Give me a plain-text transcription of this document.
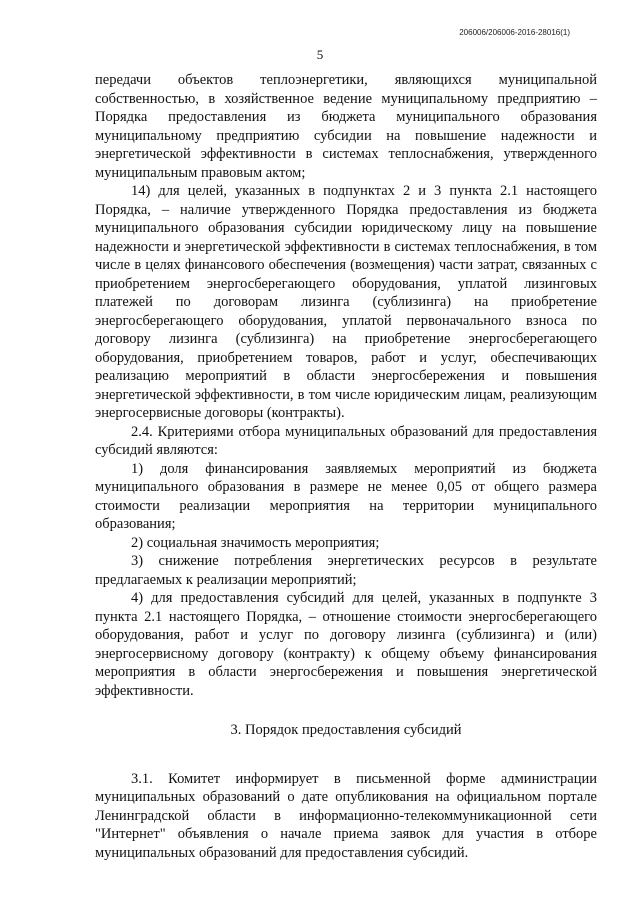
206006/206006-2016-28016(1)

5

передачи объектов теплоэнергетики, являющихся муниципальной собственностью, в хозяйственное ведение муниципальному предприятию – Порядка предоставления из бюджета муниципального образования муниципальному предприятию субсидии на повышение надежности и энергетической эффективности в системах теплоснабжения, утвержденного муниципальным правовым актом;

14) для целей, указанных в подпунктах 2 и 3 пункта 2.1 настоящего Порядка, – наличие утвержденного Порядка предоставления из бюджета муниципального образования субсидии юридическому лицу на повышение надежности и энергетической эффективности в системах теплоснабжения, в том числе в целях финансового обеспечения (возмещения) части затрат, связанных с приобретением энергосберегающего оборудования, уплатой лизинговых платежей по договорам лизинга (сублизинга) на приобретение энергосберегающего оборудования, уплатой первоначального взноса по договору лизинга (сублизинга) на приобретение энергосберегающего оборудования, приобретением товаров, работ и услуг, обеспечивающих реализацию мероприятий в области энергосбережения и повышения энергетической эффективности, в том числе юридическим лицам, реализующим энергосервисные договоры (контракты).

2.4. Критериями отбора муниципальных образований для предоставления субсидий являются:

1) доля финансирования заявляемых мероприятий из бюджета муниципального образования в размере не менее 0,05 от общего размера стоимости реализации мероприятия на территории муниципального образования;

2) социальная значимость мероприятия;

3) снижение потребления энергетических ресурсов в результате предлагаемых к реализации мероприятий;

4) для предоставления субсидий для целей, указанных в подпункте 3 пункта 2.1 настоящего Порядка, – отношение стоимости энергосберегающего оборудования, работ и услуг по договору лизинга (сублизинга) и (или) энергосервисному договору (контракту) к общему объему финансирования мероприятия в области энергосбережения и повышения энергетической эффективности.

3. Порядок предоставления субсидий

3.1. Комитет информирует в письменной форме администрации муниципальных образований о дате опубликования на официальном портале Ленинградской области в информационно-телекоммуникационной сети "Интернет" объявления о начале приема заявок для участия в отборе муниципальных образований для предоставления субсидий.
